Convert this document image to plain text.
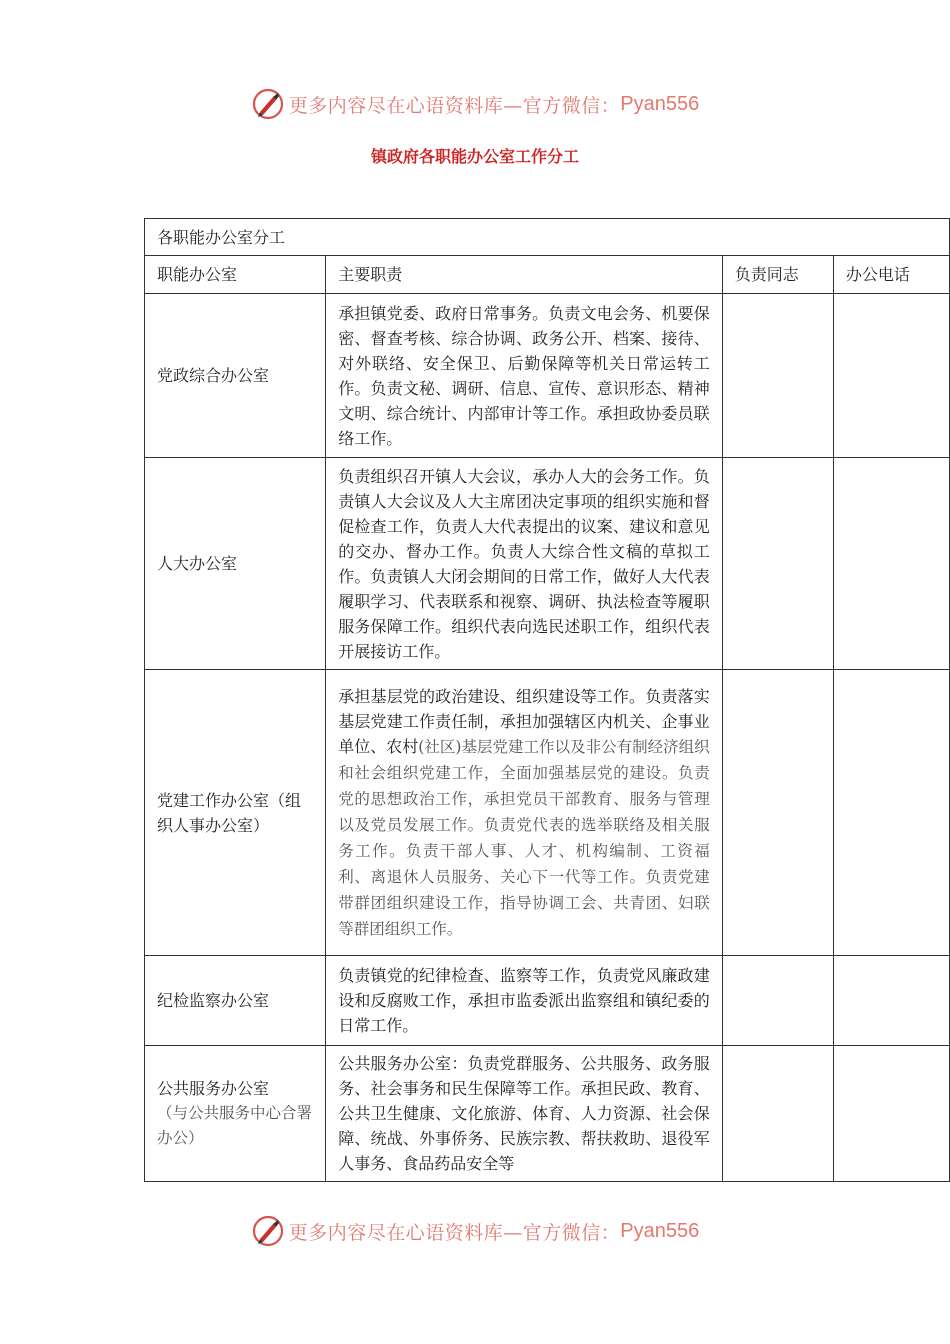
更多内容尽在心语资料库—官方微信： Pyan556
镇政府各职能办公室工作分工
各职能办公室分工			
职能办公室	主要职责	负责同志	办公电话
党政综合办公室	承担镇党委、政府日常事务。负责文电会务、机要保密、督查考核、综合协调、政务公开、档案、接待、对外联络、安全保卫、后勤保障等机关日常运转工作。负责文秘、调研、信息、宣传、意识形态、精神文明、综合统计、内部审计等工作。承担政协委员联络工作。		
人大办公室	负责组织召开镇人大会议，承办人大的会务工作。负责镇人大会议及人大主席团决定事项的组织实施和督促检查工作，负责人大代表提出的议案、建议和意见的交办、督办工作。负责人大综合性文稿的草拟工作。负责镇人大闭会期间的日常工作，做好人大代表履职学习、代表联系和视察、调研、执法检查等履职服务保障工作。组织代表向选民述职工作，组织代表开展接访工作。		
党建工作办公室（组织人事办公室）	承担基层党的政治建设、组织建设等工作。负责落实基层党建工作责任制，承担加强辖区内机关、企事业单位、农村(社区)基层党建工作以及非公有制经济组织和社会组织党建工作，全面加强基层党的建设。负责党的思想政治工作，承担党员干部教育、服务与管理以及党员发展工作。负责党代表的选举联络及相关服务工作。负责干部人事、人才、机构编制、工资福利、离退休人员服务、关心下一代等工作。负责党建带群团组织建设工作，指导协调工会、共青团、妇联等群团组织工作。		
纪检监察办公室	负责镇党的纪律检查、监察等工作，负责党风廉政建设和反腐败工作，承担市监委派出监察组和镇纪委的日常工作。		

公共服务办公室
（与公共服务中心合署办公）	公共服务办公室：负责党群服务、公共服务、政务服务、社会事务和民生保障等工作。承担民政、教育、公共卫生健康、文化旅游、体育、人力资源、社会保障、统战、外事侨务、民族宗教、帮扶救助、退役军人事务、食品药品安全等		
更多内容尽在心语资料库—官方微信： Pyan556
